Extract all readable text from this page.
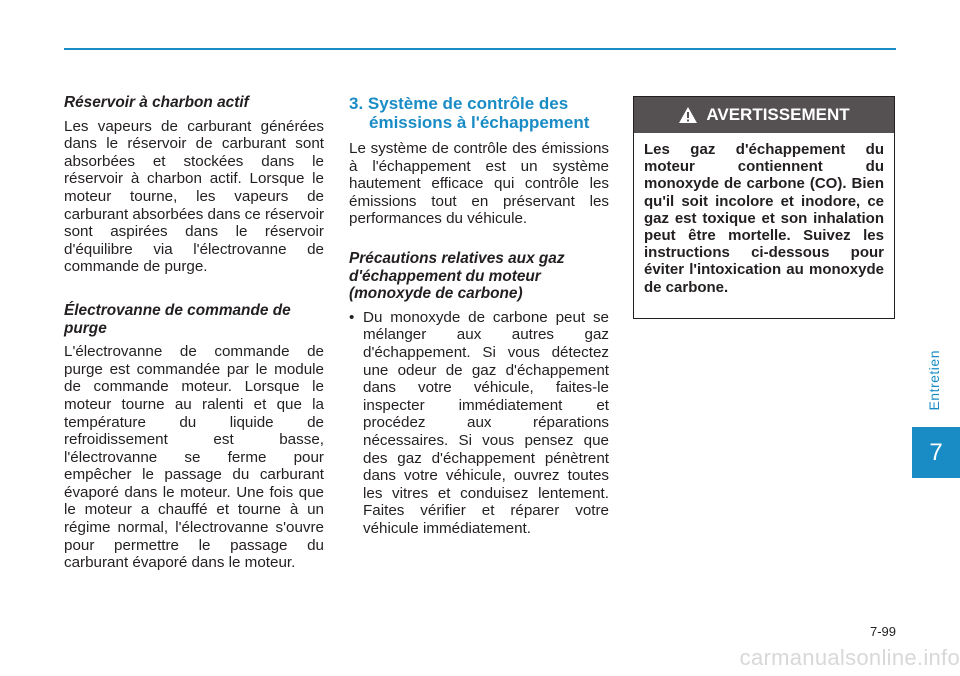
Réservoir à charbon actif

Les vapeurs de carburant générées dans le réservoir de carburant sont absorbées et stockées dans le réservoir à charbon actif. Lorsque le moteur tourne, les vapeurs de carburant absorbées dans ce réservoir sont aspirées dans le réservoir d'équilibre via l'électrovanne de commande de purge.

Électrovanne de commande de purge

L'électrovanne de commande de purge est commandée par le module de commande moteur. Lorsque le moteur tourne au ralenti et que la température du liquide de refroidissement est basse, l'électrovanne se ferme pour empêcher le passage du carburant évaporé dans le moteur. Une fois que le moteur a chauffé et tourne à un régime normal, l'électrovanne s'ouvre pour permettre le passage du carburant évaporé dans le moteur.

3. Système de contrôle des
émissions à l'échappement

Le système de contrôle des émissions à l'échappement est un système hautement efficace qui contrôle les émissions tout en préservant les performances du véhicule.

Précautions relatives aux gaz d'échappement du moteur (monoxyde de carbone)

• Du monoxyde de carbone peut se mélanger aux autres gaz d'échappement. Si vous détectez une odeur de gaz d'échappement dans votre véhicule, faites-le inspecter immédiatement et procédez aux réparations nécessaires. Si vous pensez que des gaz d'échappement pénètrent dans votre véhicule, ouvrez toutes les vitres et conduisez lentement. Faites vérifier et réparer votre véhicule immédiatement.
AVERTISSEMENT
Les gaz d'échappement du moteur contiennent du monoxyde de carbone (CO). Bien qu'il soit incolore et inodore, ce gaz est toxique et son inhalation peut être mortelle. Suivez les instructions ci-dessous pour éviter l'intoxication au monoxyde de carbone.
Entretien
7
7-99
carmanualsonline.info
